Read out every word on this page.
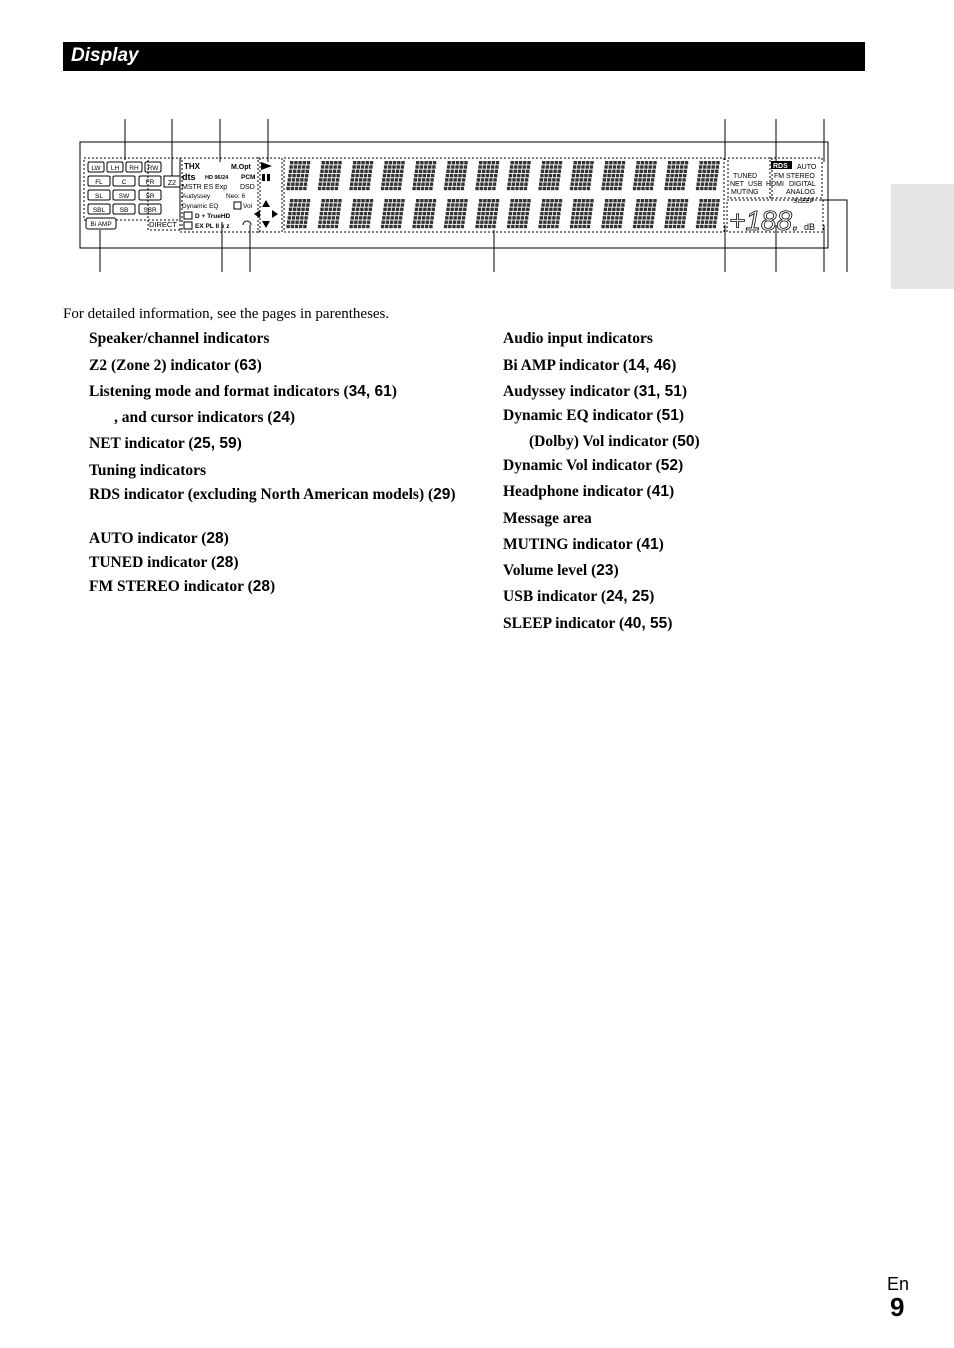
Display
LW LH RH RW
FL	C	FR
SL SW SR
SBL SB SBR
Z2
Bi AMP	DIRECT
THX	M.Opt
dts HD 96/24 PCM
MSTR ES Exp DSD
Audyssey Neo: 6
Dynamic EQ	Vol
D + TrueHD
EX PL II x z
TUNED
RDS AUTO
FM STEREO
NET USB HDMI DIGITAL
MUTING	ANALOG
SLEEP
+188. dB
For detailed information, see the pages in parentheses.
Speaker/channel indicators
Z2 (Zone 2) indicator (63)
Listening mode and format indicators (34, 61)
, and cursor indicators (24)
NET indicator (25, 59)
Tuning indicators
RDS indicator (excluding North American models) (29)
AUTO indicator (28)
TUNED indicator (28)
FM STEREO indicator (28)
Audio input indicators
Bi AMP indicator (14, 46)
Audyssey indicator (31, 51)
Dynamic EQ indicator (51)
(Dolby) Vol indicator (50)
Dynamic Vol indicator (52)
Headphone indicator (41)
Message area
MUTING indicator (41)
Volume level (23)
USB indicator (24, 25)
SLEEP indicator (40, 55)
En
9
